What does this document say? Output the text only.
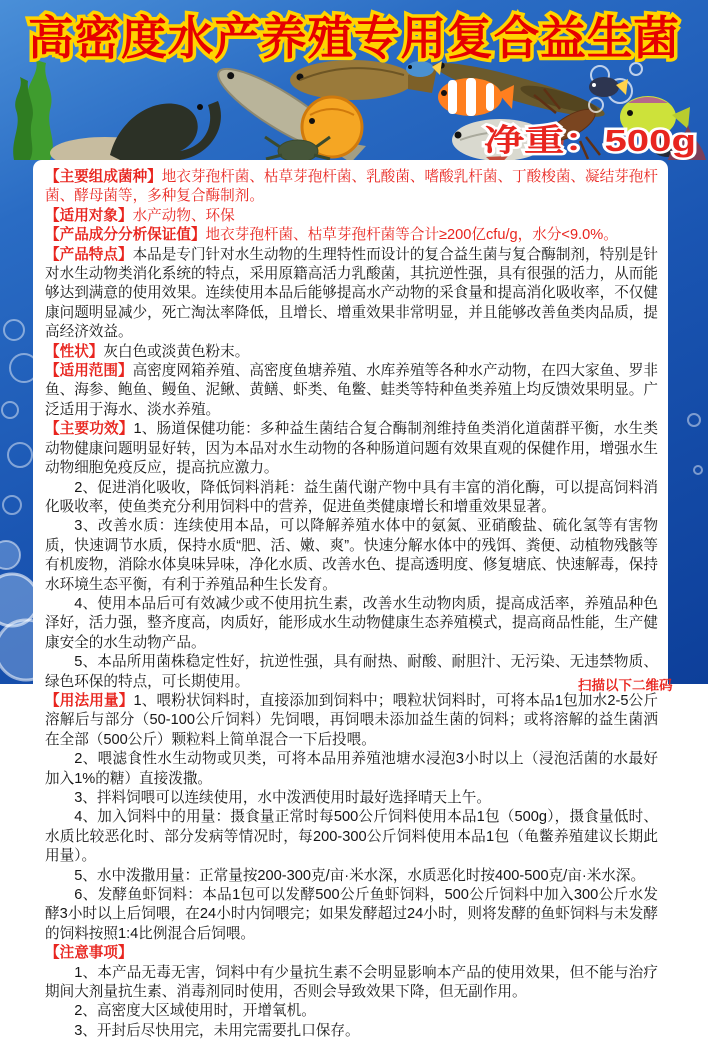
高密度水产养殖专用复合益生菌
净重：500g

【主要组成菌种】地衣芽孢杆菌、枯草芽孢杆菌、乳酸菌、嗜酸乳杆菌、丁酸梭菌、凝结芽孢杆菌、酵母菌等，多种复合酶制剂。

【适用对象】水产动物、环保

【产品成分分析保证值】地衣芽孢杆菌、枯草芽孢杆菌等合计≥200亿cfu/g，水分<9.0%。

【产品特点】本品是专门针对水生动物的生理特性而设计的复合益生菌与复合酶制剂，特别是针对水生动物类消化系统的特点，采用原籍高活力乳酸菌，其抗逆性强，具有很强的活力，从而能够达到满意的使用效果。连续使用本品后能够提高水产动物的采食量和提高消化吸收率，不仅健康问题明显减少，死亡淘汰率降低，且增长、增重效果非常明显，并且能够改善鱼类肉品质，提高经济效益。

【性状】灰白色或淡黄色粉末。

【适用范围】高密度网箱养殖、高密度鱼塘养殖、水库养殖等各种水产动物，在四大家鱼、罗非鱼、海参、鲍鱼、鳗鱼、泥鳅、黄鳝、虾类、龟鳖、蛙类等特种鱼类养殖上均反馈效果明显。广泛适用于海水、淡水养殖。

【主要功效】1、肠道保健功能：多种益生菌结合复合酶制剂维持鱼类消化道菌群平衡，水生类动物健康问题明显好转，因为本品对水生动物的各种肠道问题有效果直观的保健作用，增强水生动物细胞免疫反应，提高抗应激力。

2、促进消化吸收，降低饲料消耗：益生菌代谢产物中具有丰富的消化酶，可以提高饲料消化吸收率，使鱼类充分利用饲料中的营养，促进鱼类健康增长和增重效果显著。

3、改善水质：连续使用本品，可以降解养殖水体中的氨氮、亚硝酸盐、硫化氢等有害物质，快速调节水质，保持水质“肥、活、嫩、爽”。快速分解水体中的残饵、粪便、动植物残骸等有机废物，消除水体臭味异味，净化水质、改善水色、提高透明度、修复塘底、快速解毒，保持水环境生态平衡，有利于养殖品种生长发育。

4、使用本品后可有效减少或不使用抗生素，改善水生动物肉质，提高成活率，养殖品种色泽好，活力强，整齐度高，肉质好，能形成水生动物健康生态养殖模式，提高商品性能，生产健康安全的水生动物产品。

5、本品所用菌株稳定性好，抗逆性强，具有耐热、耐酸、耐胆汁、无污染、无违禁物质、绿色环保的特点，可长期使用。

【用法用量】1、喂粉状饲料时，直接添加到饲料中；喂粒状饲料时，可将本品1包加水2-5公斤溶解后与部分（50-100公斤饲料）先饲喂，再饲喂未添加益生菌的饲料；或将溶解的益生菌洒在全部（500公斤）颗粒料上简单混合一下后投喂。

2、喂滤食性水生动物或贝类，可将本品用养殖池塘水浸泡3小时以上（浸泡活菌的水最好加入1%的糖）直接泼撒。

3、拌料饲喂可以连续使用，水中泼洒使用时最好选择晴天上午。

4、加入饲料中的用量：摄食量正常时每500公斤饲料使用本品1包（500g），摄食量低时、水质比较恶化时、部分发病等情况时，每200-300公斤饲料使用本品1包（龟鳖养殖建议长期此用量）。

5、水中泼撒用量：正常量按200-300克/亩·米水深，水质恶化时按400-500克/亩·米水深。

6、发酵鱼虾饲料：本品1包可以发酵500公斤鱼虾饲料，500公斤饲料中加入300公斤水发酵3小时以上后饲喂，在24小时内饲喂完；如果发酵超过24小时，则将发酵的鱼虾饲料与未发酵的饲料按照1:4比例混合后饲喂。

【注意事项】

1、本产品无毒无害，饲料中有少量抗生素不会明显影响本产品的使用效果，但不能与治疗期间大剂量抗生素、消毒剂同时使用，否则会导致效果下降，但无副作用。

2、高密度大区域使用时，开增氧机。

3、开封后尽快用完，未用完需要扎口保存。

扫描以下二维码
